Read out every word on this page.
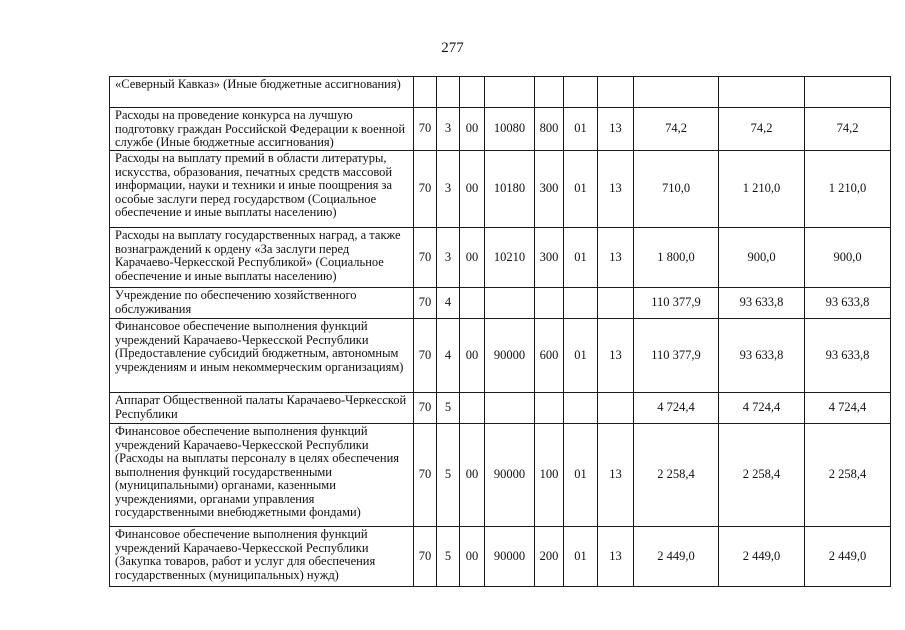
277
«Северный Кавказ» (Иные бюджетные ассигнования)										
Расходы на проведение конкурса на лучшую подготовку граждан Российской Федерации к военной службе (Иные бюджетные ассигнования)	70	3	00	10080	800	01	13	74,2	74,2	74,2
Расходы на выплату премий в области литературы, искусства, образования, печатных средств массовой информации, науки и техники и иные поощрения за особые заслуги перед государством (Социальное обеспечение и иные выплаты населению)	70	3	00	10180	300	01	13	710,0	1 210,0	1 210,0
Расходы на выплату государственных наград, а также вознаграждений к ордену «За заслуги перед Карачаево-Черкесской Республикой» (Социальное обеспечение и иные выплаты населению)	70	3	00	10210	300	01	13	1 800,0	900,0	900,0
Учреждение по обеспечению хозяйственного обслуживания	70	4						110 377,9	93 633,8	93 633,8
Финансовое обеспечение выполнения функций учреждений Карачаево-Черкесской Республики (Предоставление субсидий бюджетным, автономным учреждениям и иным некоммерческим организациям)	70	4	00	90000	600	01	13	110 377,9	93 633,8	93 633,8
Аппарат Общественной палаты Карачаево-Черкесской Республики	70	5						4 724,4	4 724,4	4 724,4
Финансовое обеспечение выполнения функций учреждений Карачаево-Черкесской Республики (Расходы на выплаты персоналу в целях обеспечения выполнения функций государственными (муниципальными) органами, казенными учреждениями, органами управления государственными внебюджетными фондами)	70	5	00	90000	100	01	13	2 258,4	2 258,4	2 258,4
Финансовое обеспечение выполнения функций учреждений Карачаево-Черкесской Республики (Закупка товаров, работ и услуг для обеспечения государственных (муниципальных) нужд)	70	5	00	90000	200	01	13	2 449,0	2 449,0	2 449,0
